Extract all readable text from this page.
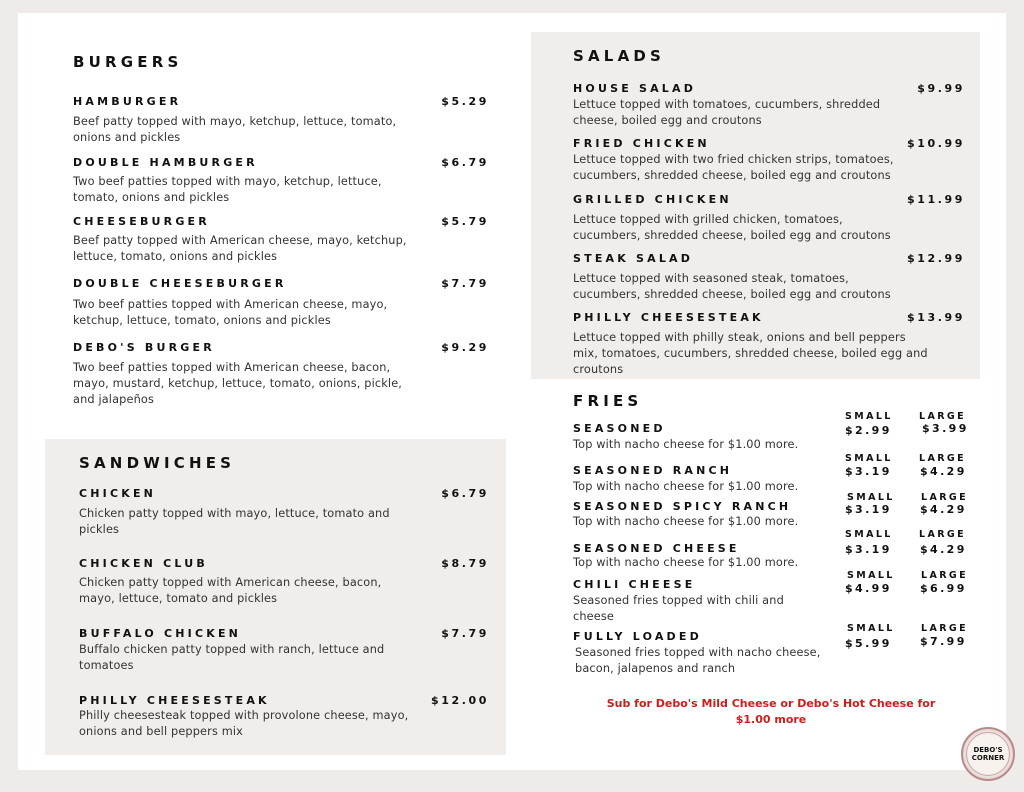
BURGERS
HAMBURGER	$5.29
Beef patty topped with mayo, ketchup, lettuce, tomato, onions and pickles
DOUBLE HAMBURGER	$6.79
Two beef patties topped with mayo, ketchup, lettuce, tomato, onions and pickles
CHEESEBURGER	$5.79
Beef patty topped with American cheese, mayo, ketchup, lettuce, tomato, onions and pickles
DOUBLE CHEESEBURGER	$7.79
Two beef patties topped with American cheese, mayo, ketchup, lettuce, tomato, onions and pickles
DEBO'S BURGER	$9.29
Two beef patties topped with American cheese, bacon, mayo, mustard, ketchup, lettuce, tomato, onions, pickle, and jalapeños
SANDWICHES
CHICKEN	$6.79
Chicken patty topped with mayo, lettuce, tomato and pickles
CHICKEN CLUB	$8.79
Chicken patty topped with American cheese, bacon, mayo, lettuce, tomato and pickles
BUFFALO CHICKEN	$7.79
Buffalo chicken patty topped with ranch, lettuce and tomatoes
PHILLY CHEESESTEAK	$12.00
Philly cheesesteak topped with provolone cheese, mayo, onions and bell peppers mix
SALADS
HOUSE SALAD	$9.99
Lettuce topped with tomatoes, cucumbers, shredded cheese, boiled egg and croutons
FRIED CHICKEN	$10.99
Lettuce topped with two fried chicken strips, tomatoes, cucumbers, shredded cheese, boiled egg and croutons
GRILLED CHICKEN	$11.99
Lettuce topped with grilled chicken, tomatoes, cucumbers, shredded cheese, boiled egg and croutons
STEAK SALAD	$12.99
Lettuce topped with seasoned steak, tomatoes, cucumbers, shredded cheese, boiled egg and croutons
PHILLY CHEESESTEAK	$13.99
Lettuce topped with philly steak, onions and bell peppers mix, tomatoes, cucumbers, shredded cheese, boiled egg and croutons
FRIES
SEASONED
Top with nacho cheese for $1.00 more.
SMALL	LARGE
$2.99	$3.99
SEASONED RANCH
Top with nacho cheese for $1.00 more.
SMALL	LARGE
$3.19	$4.29
SEASONED SPICY RANCH
Top with nacho cheese for $1.00 more.
SMALL	LARGE
$3.19	$4.29
SEASONED CHEESE
Top with nacho cheese for $1.00 more.
SMALL	LARGE
$3.19	$4.29
CHILI CHEESE
Seasoned fries topped with chili and cheese
SMALL	LARGE
$4.99	$6.99
FULLY LOADED
Seasoned fries topped with nacho cheese, bacon, jalapenos and ranch
SMALL	LARGE
$5.99	$7.99
Sub for Debo's Mild Cheese or Debo's Hot Cheese for $1.00 more
DEBO'S
CORNER
